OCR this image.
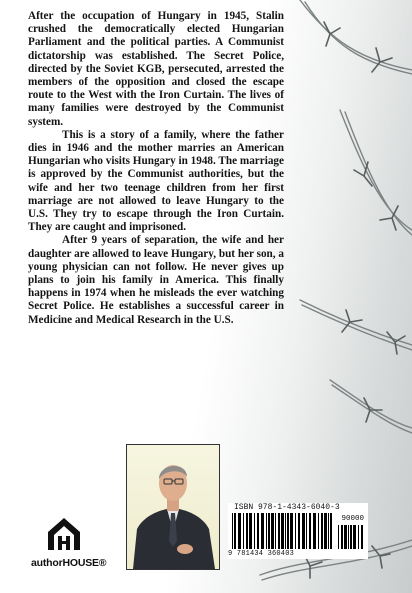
After the occupation of Hungary in 1945, Stalin crushed the democratically elected Hungarian Parliament and the political parties. A Communist dictatorship was established. The Secret Police, directed by the Soviet KGB, persecuted, arrested the members of the opposition and closed the escape route to the West with the Iron Curtain. The lives of many families were destroyed by the Communist system.

This is a story of a family, where the father dies in 1946 and the mother marries an American Hungarian who visits Hungary in 1948. The marriage is approved by the Communist authorities, but the wife and her two teenage children from her first marriage are not allowed to leave Hungary to the U.S. They try to escape through the Iron Curtain. They are caught and imprisoned.

After 9 years of separation, the wife and her daughter are allowed to leave Hungary, but her son, a young physician can not follow. He never gives up plans to join his family in America. This finally happens in 1974 when he misleads the ever watching Secret Police. He establishes a successful career in Medicine and Medical Research in the U.S.

authorHOUSE®
ISBN 978-1-4343-6040-3
90000
9 781434 360403
